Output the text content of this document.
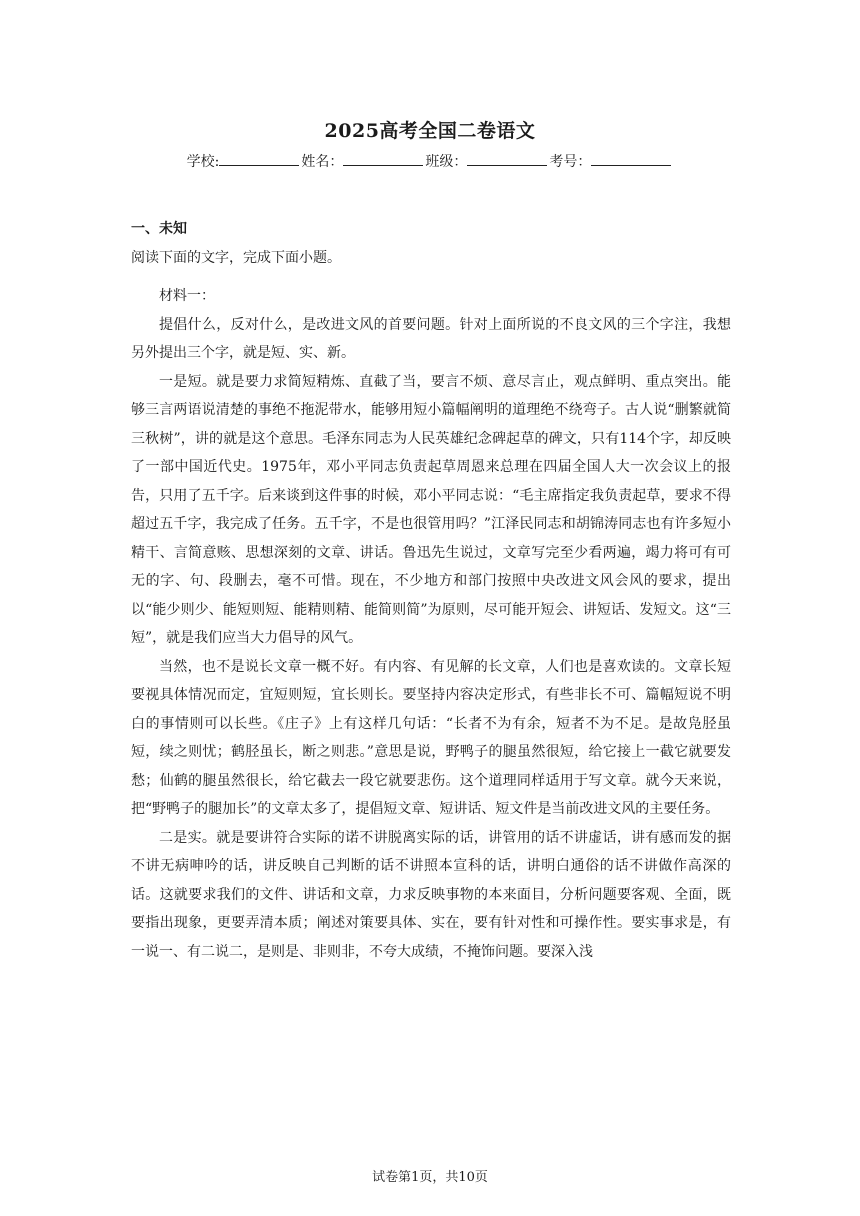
2025高考全国二卷语文
学校:	姓名：	班级：	考号：
一、未知
阅读下面的文字，完成下面小题。

材料一：

提倡什么，反对什么，是改进文风的首要问题。针对上面所说的不良文风的三个字注，我想另外提出三个字，就是短、实、新。

一是短。就是要力求简短精炼、直截了当，要言不烦、意尽言止，观点鲜明、重点突出。能够三言两语说清楚的事绝不拖泥带水，能够用短小篇幅阐明的道理绝不绕弯子。古人说“删繁就简三秋树”，讲的就是这个意思。毛泽东同志为人民英雄纪念碑起草的碑文，只有114个字，却反映了一部中国近代史。1975年，邓小平同志负责起草周恩来总理在四届全国人大一次会议上的报告，只用了五千字。后来谈到这件事的时候，邓小平同志说：“毛主席指定我负责起草，要求不得超过五千字，我完成了任务。五千字，不是也很管用吗？”江泽民同志和胡锦涛同志也有许多短小精干、言简意赅、思想深刻的文章、讲话。鲁迅先生说过，文章写完至少看两遍，竭力将可有可无的字、句、段删去，毫不可惜。现在，不少地方和部门按照中央改进文风会风的要求，提出以“能少则少、能短则短、能精则精、能简则简”为原则，尽可能开短会、讲短话、发短文。这“三短”，就是我们应当大力倡导的风气。

当然，也不是说长文章一概不好。有内容、有见解的长文章，人们也是喜欢读的。文章长短要视具体情况而定，宜短则短，宜长则长。要坚持内容决定形式，有些非长不可、篇幅短说不明白的事情则可以长些。《庄子》上有这样几句话：“长者不为有余，短者不为不足。是故凫胫虽短，续之则忧；鹤胫虽长，断之则悲。”意思是说，野鸭子的腿虽然很短，给它接上一截它就要发愁；仙鹤的腿虽然很长，给它截去一段它就要悲伤。这个道理同样适用于写文章。就今天来说，把“野鸭子的腿加长”的文章太多了，提倡短文章、短讲话、短文件是当前改进文风的主要任务。

二是实。就是要讲符合实际的诺不讲脱离实际的话，讲管用的话不讲虚话，讲有感而发的据不讲无病呻吟的话，讲反映自己判断的话不讲照本宣科的话，讲明白通俗的话不讲做作高深的话。这就要求我们的文件、讲话和文章，力求反映事物的本来面目，分析问题要客观、全面，既要指出现象，更要弄清本质；阐述对策要具体、实在，要有针对性和可操作性。要实事求是，有一说一、有二说二，是则是、非则非，不夸大成绩，不掩饰问题。要深入浅

试卷第1页，共10页
